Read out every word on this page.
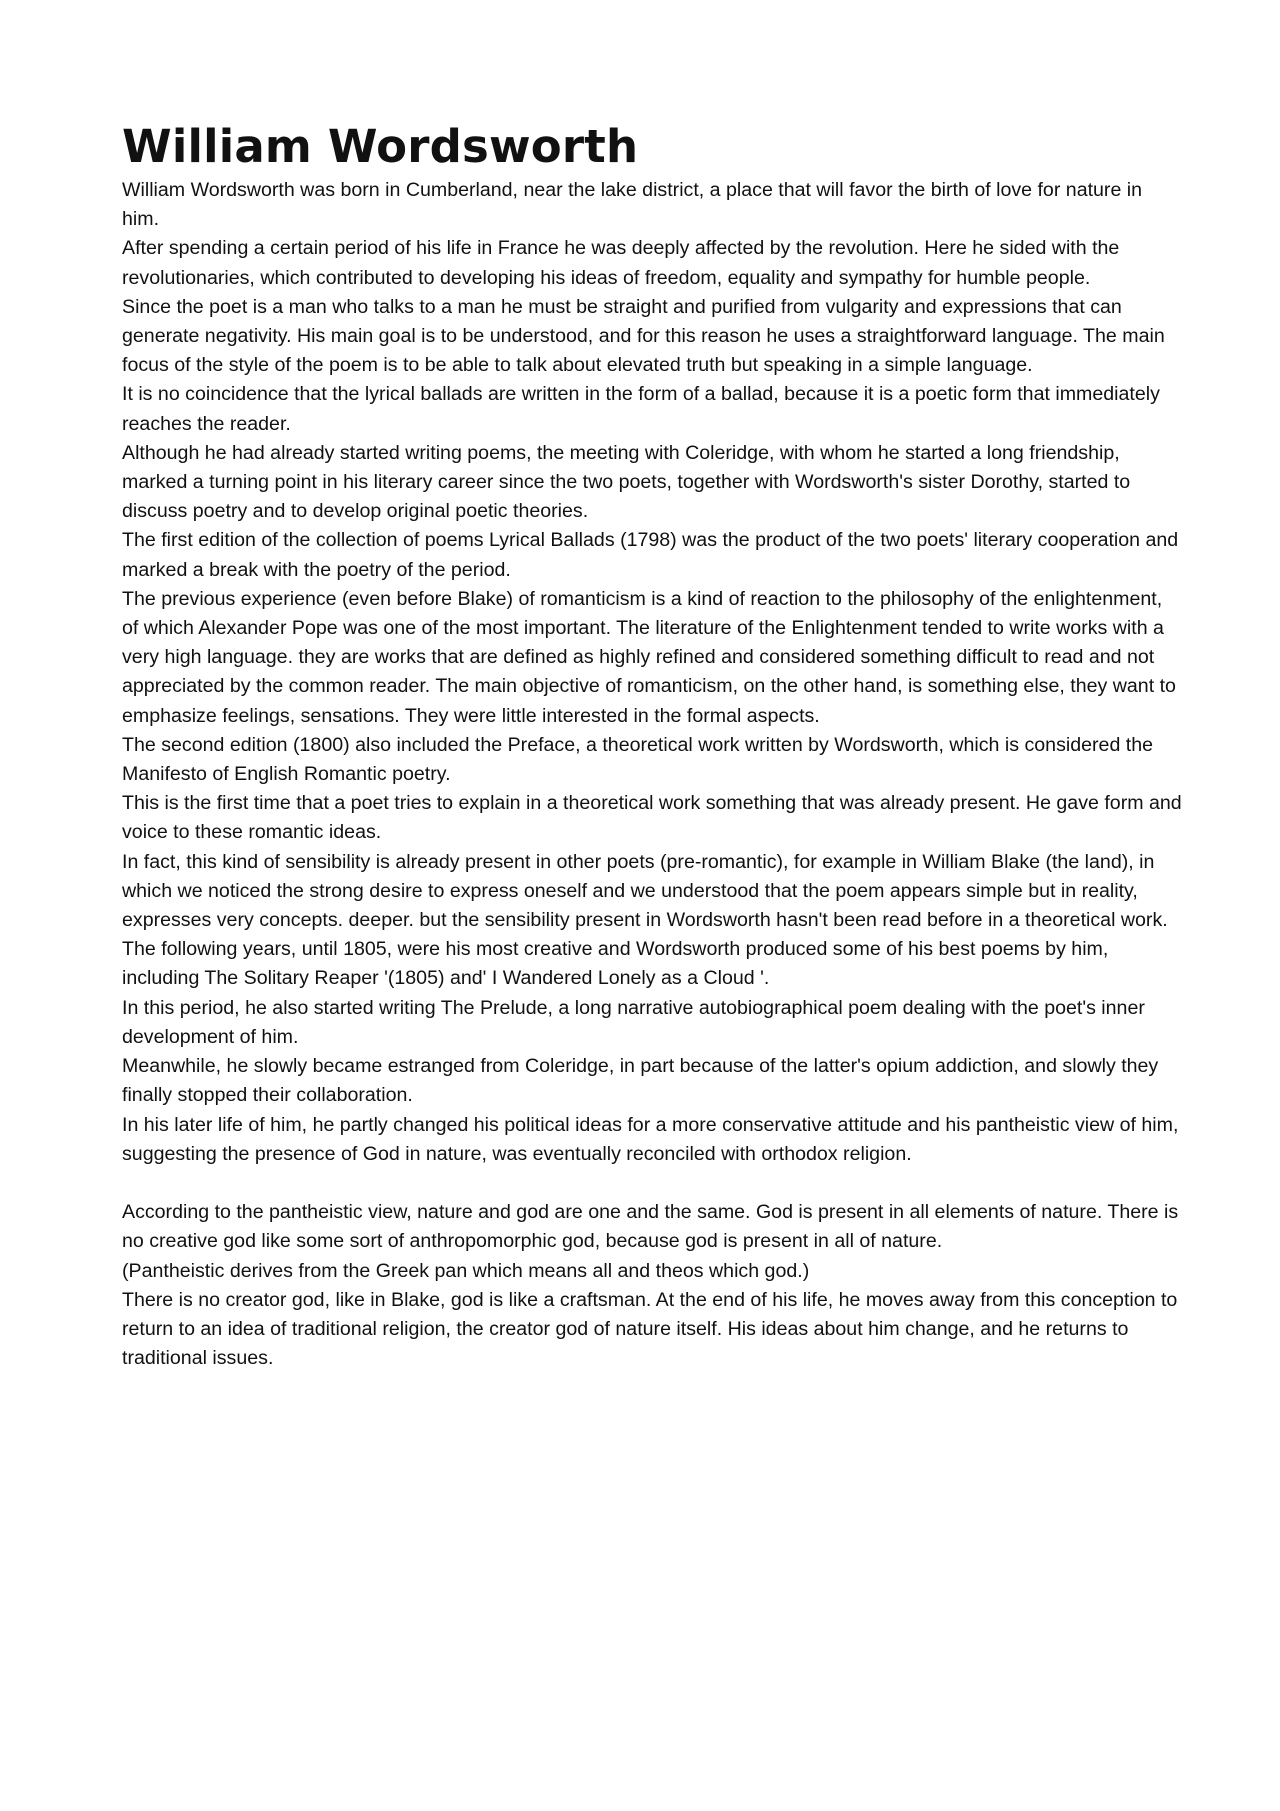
William Wordsworth

William Wordsworth was born in Cumberland, near the lake district, a place that will favor the birth of love for nature in him.

After spending a certain period of his life in France he was deeply affected by the revolution. Here he sided with the revolutionaries, which contributed to developing his ideas of freedom, equality and sympathy for humble people.

Since the poet is a man who talks to a man he must be straight and purified from vulgarity and expressions that can generate negativity. His main goal is to be understood, and for this reason he uses a straightforward language. The main focus of the style of the poem is to be able to talk about elevated truth but speaking in a simple language.

It is no coincidence that the lyrical ballads are written in the form of a ballad, because it is a poetic form that immediately reaches the reader.

Although he had already started writing poems, the meeting with Coleridge, with whom he started a long friendship, marked a turning point in his literary career since the two poets, together with Wordsworth's sister Dorothy, started to discuss poetry and to develop original poetic theories.

The first edition of the collection of poems Lyrical Ballads (1798) was the product of the two poets' literary cooperation and marked a break with the poetry of the period.

The previous experience (even before Blake) of romanticism is a kind of reaction to the philosophy of the enlightenment, of which Alexander Pope was one of the most important. The literature of the Enlightenment tended to write works with a very high language. they are works that are defined as highly refined and considered something difficult to read and not appreciated by the common reader. The main objective of romanticism, on the other hand, is something else, they want to emphasize feelings, sensations. They were little interested in the formal aspects.

The second edition (1800) also included the Preface, a theoretical work written by Wordsworth, which is considered the Manifesto of English Romantic poetry.

This is the first time that a poet tries to explain in a theoretical work something that was already present. He gave form and voice to these romantic ideas.

In fact, this kind of sensibility is already present in other poets (pre-romantic), for example in William Blake (the land), in which we noticed the strong desire to express oneself and we understood that the poem appears simple but in reality, expresses very concepts. deeper. but the sensibility present in Wordsworth hasn't been read before in a theoretical work.

The following years, until 1805, were his most creative and Wordsworth produced some of his best poems by him, including The Solitary Reaper '(1805) and' I Wandered Lonely as a Cloud '.

In this period, he also started writing The Prelude, a long narrative autobiographical poem dealing with the poet's inner development of him.

Meanwhile, he slowly became estranged from Coleridge, in part because of the latter's opium addiction, and slowly they finally stopped their collaboration.

In his later life of him, he partly changed his political ideas for a more conservative attitude and his pantheistic view of him, suggesting the presence of God in nature, was eventually reconciled with orthodox religion.

According to the pantheistic view, nature and god are one and the same. God is present in all elements of nature. There is no creative god like some sort of anthropomorphic god, because god is present in all of nature.

(Pantheistic derives from the Greek pan which means all and theos which god.)

There is no creator god, like in Blake, god is like a craftsman. At the end of his life, he moves away from this conception to return to an idea of traditional religion, the creator god of nature itself. His ideas about him change, and he returns to traditional issues.
